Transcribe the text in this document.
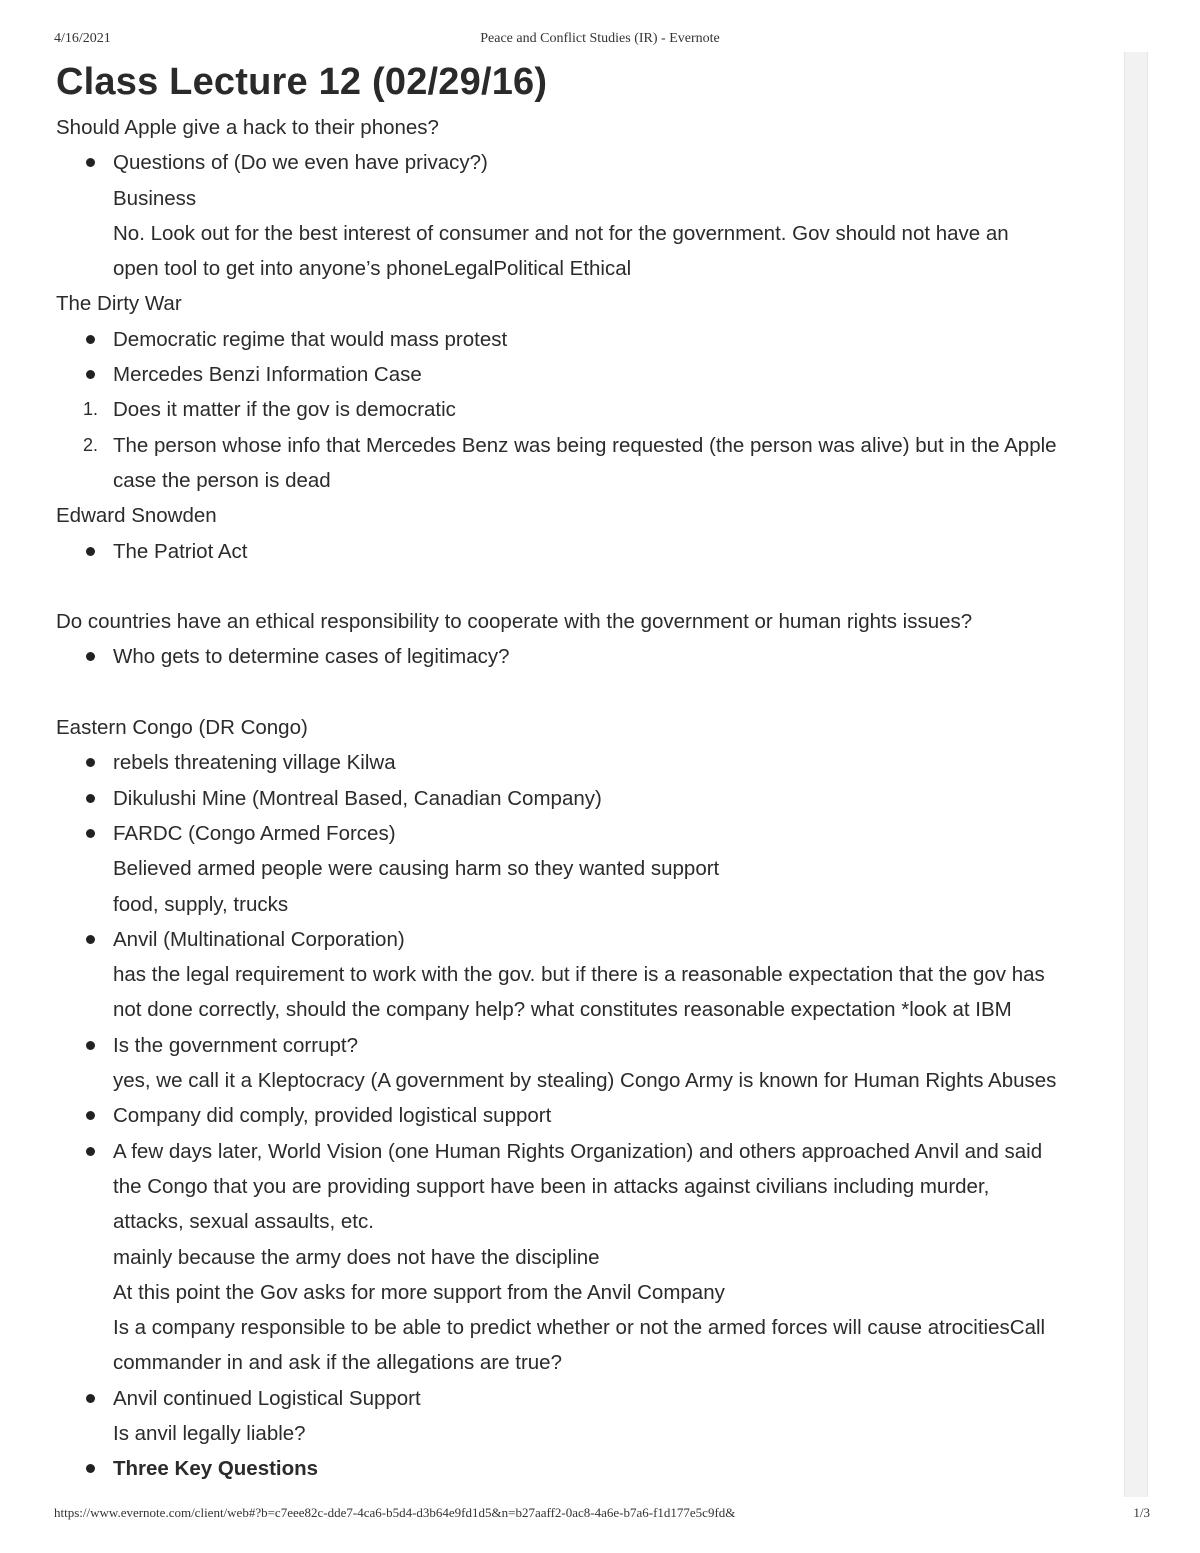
4/16/2021	Peace and Conflict Studies (IR) - Evernote
Class Lecture 12 (02/29/16)
Should Apple give a hack to their phones?
Questions of (Do we even have privacy?)
Business
No. Look out for the best interest of consumer and not for the government. Gov should not have an
open tool to get into anyone’s phoneLegalPolitical Ethical
The Dirty War
Democratic regime that would mass protest
Mercedes Benzi Information Case
1. Does it matter if the gov is democratic
2. The person whose info that Mercedes Benz was being requested (the person was alive) but in the Apple
case the person is dead
Edward Snowden
The Patriot Act
Do countries have an ethical responsibility to cooperate with the government or human rights issues?
Who gets to determine cases of legitimacy?
Eastern Congo (DR Congo)
rebels threatening village Kilwa
Dikulushi Mine (Montreal Based, Canadian Company)
FARDC (Congo Armed Forces)
Believed armed people were causing harm so they wanted support
food, supply, trucks
Anvil (Multinational Corporation)
has the legal requirement to work with the gov. but if there is a reasonable expectation that the gov has
not done correctly, should the company help? what constitutes reasonable expectation *look at IBM
Is the government corrupt?
yes, we call it a Kleptocracy (A government by stealing) Congo Army is known for Human Rights Abuses
Company did comply, provided logistical support
A few days later, World Vision (one Human Rights Organization) and others approached Anvil and said
the Congo that you are providing support have been in attacks against civilians including murder,
attacks, sexual assaults, etc.
mainly because the army does not have the discipline
At this point the Gov asks for more support from the Anvil Company
Is a company responsible to be able to predict whether or not the armed forces will cause atrocitiesCall
commander in and ask if the allegations are true?
Anvil continued Logistical Support
Is anvil legally liable?
Three Key Questions
https://www.evernote.com/client/web#?b=c7eee82c-dde7-4ca6-b5d4-d3b64e9fd1d5&n=b27aaff2-0ac8-4a6e-b7a6-f1d177e5c9fd&	1/3
